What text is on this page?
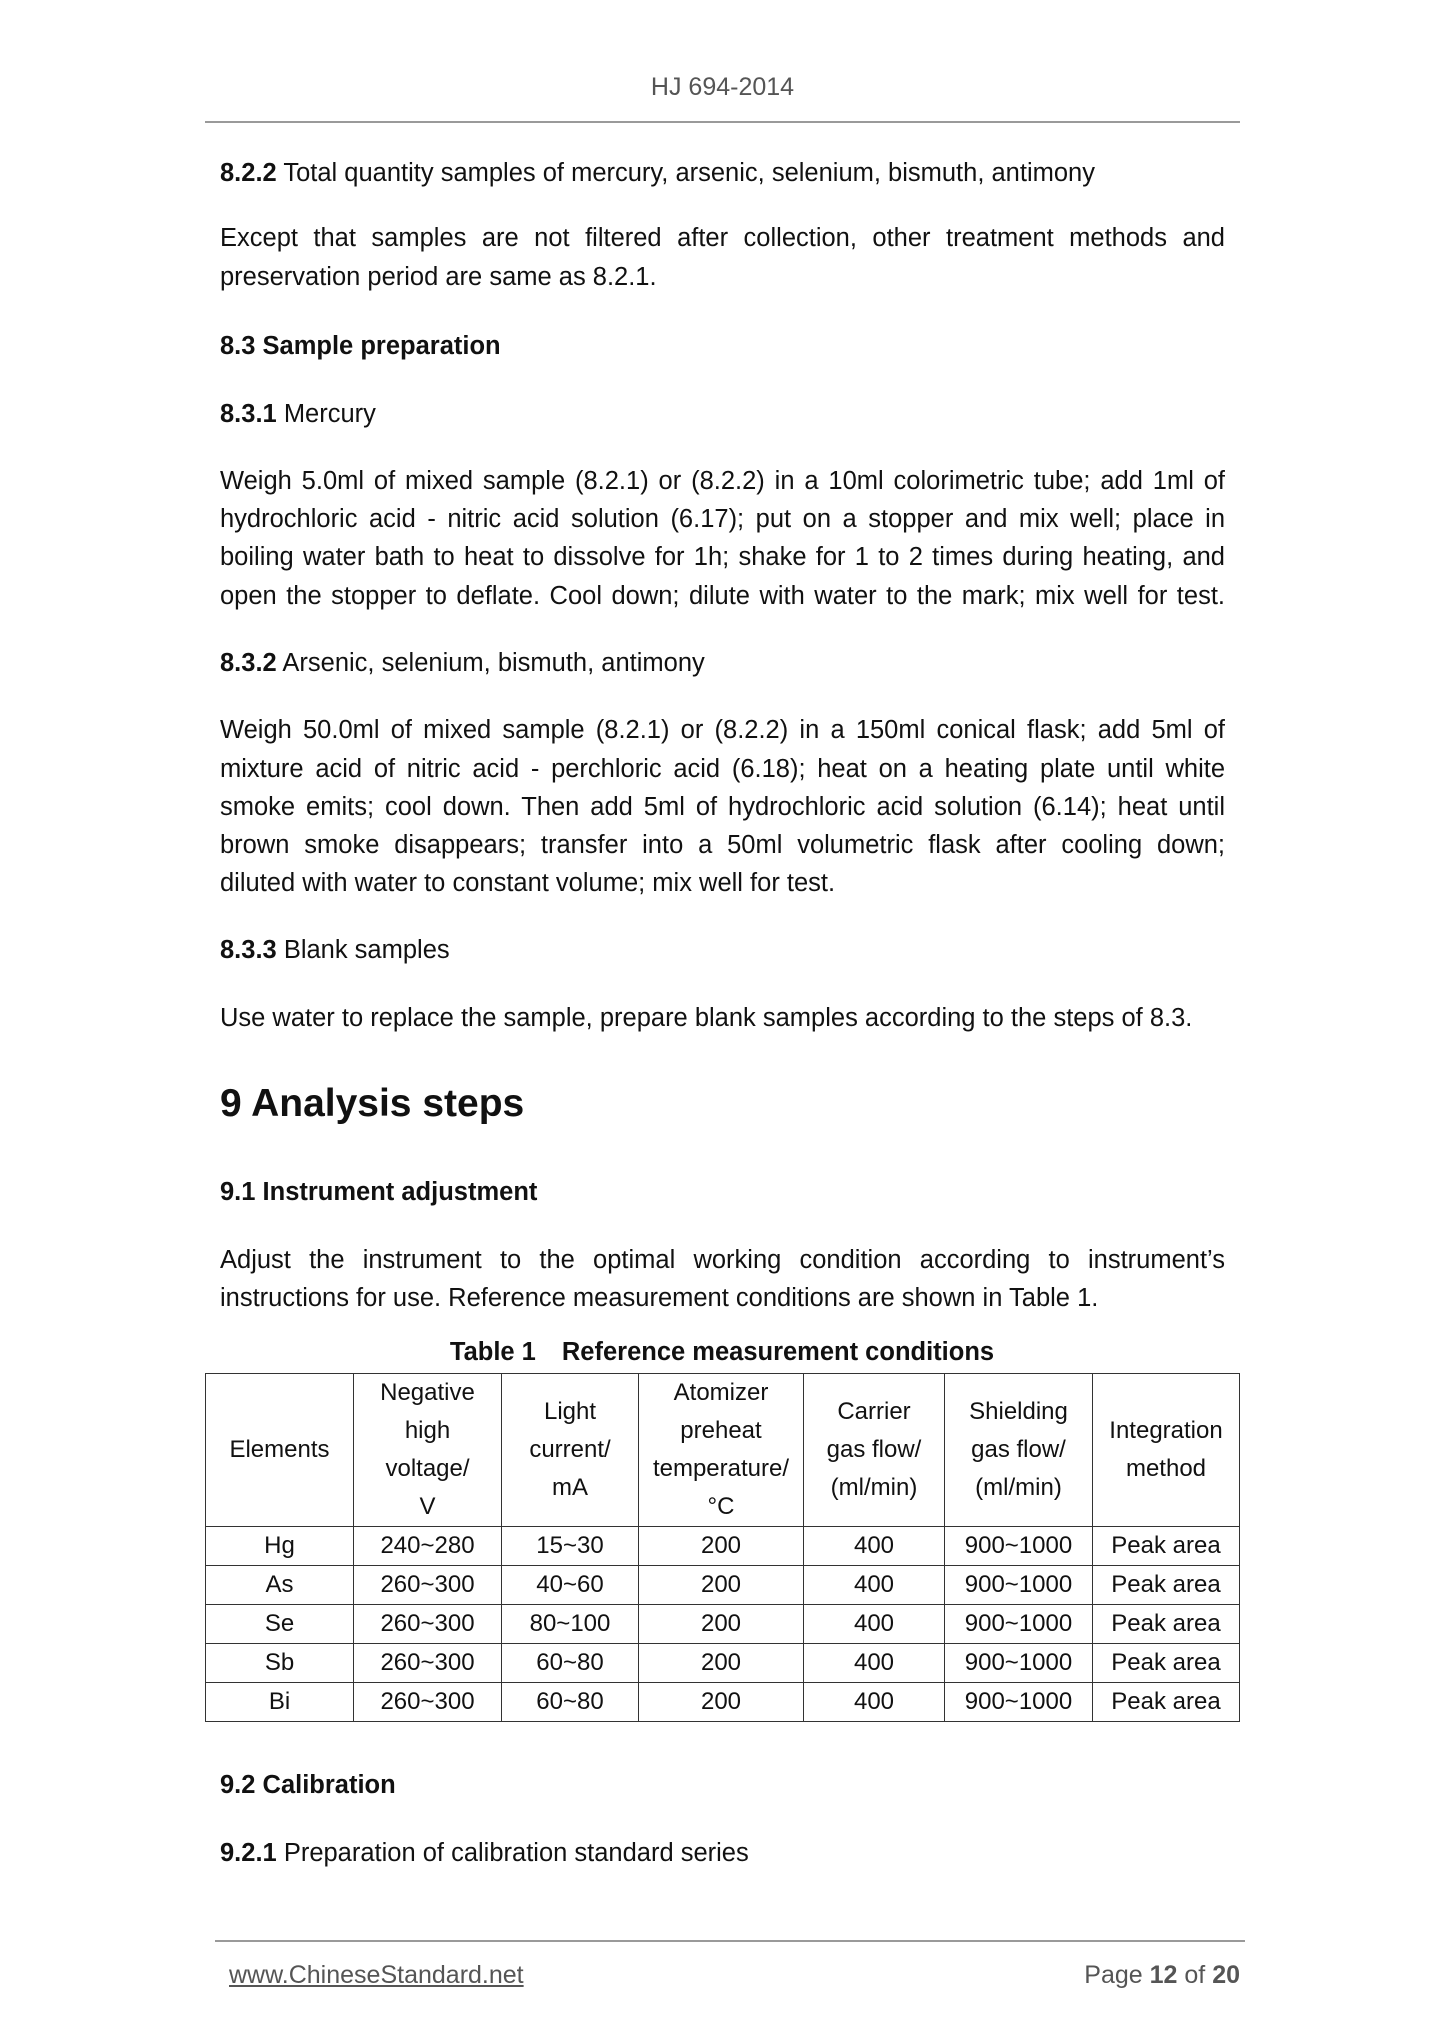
HJ 694-2014
8.2.2 Total quantity samples of mercury, arsenic, selenium, bismuth, antimony
Except that samples are not filtered after collection, other treatment methods and
preservation period are same as 8.2.1.
8.3 Sample preparation
8.3.1 Mercury
Weigh 5.0ml of mixed sample (8.2.1) or (8.2.2) in a 10ml colorimetric tube; add 1ml of
hydrochloric acid - nitric acid solution (6.17); put on a stopper and mix well; place in
boiling water bath to heat to dissolve for 1h; shake for 1 to 2 times during heating, and
open the stopper to deflate. Cool down; dilute with water to the mark; mix well for test.
8.3.2 Arsenic, selenium, bismuth, antimony
Weigh 50.0ml of mixed sample (8.2.1) or (8.2.2) in a 150ml conical flask; add 5ml of
mixture acid of nitric acid - perchloric acid (6.18); heat on a heating plate until white
smoke emits; cool down. Then add 5ml of hydrochloric acid solution (6.14); heat until
brown smoke disappears; transfer into a 50ml volumetric flask after cooling down;
diluted with water to constant volume; mix well for test.
8.3.3 Blank samples
Use water to replace the sample, prepare blank samples according to the steps of 8.3.
9 Analysis steps
9.1 Instrument adjustment
Adjust the instrument to the optimal working condition according to instrument’s
instructions for use. Reference measurement conditions are shown in Table 1.
Table 1 Reference measurement conditions
Elements	Negative
high
voltage/
V	Light
current/
mA	Atomizer
preheat
temperature/
°C	Carrier
gas flow/
(ml/min)	Shielding
gas flow/
(ml/min)	Integration
method
Hg	240~280	15~30	200	400	900~1000	Peak area
As	260~300	40~60	200	400	900~1000	Peak area
Se	260~300	80~100	200	400	900~1000	Peak area
Sb	260~300	60~80	200	400	900~1000	Peak area
Bi	260~300	60~80	200	400	900~1000	Peak area
9.2 Calibration
9.2.1 Preparation of calibration standard series
www.ChineseStandard.net	Page 12 of 20
